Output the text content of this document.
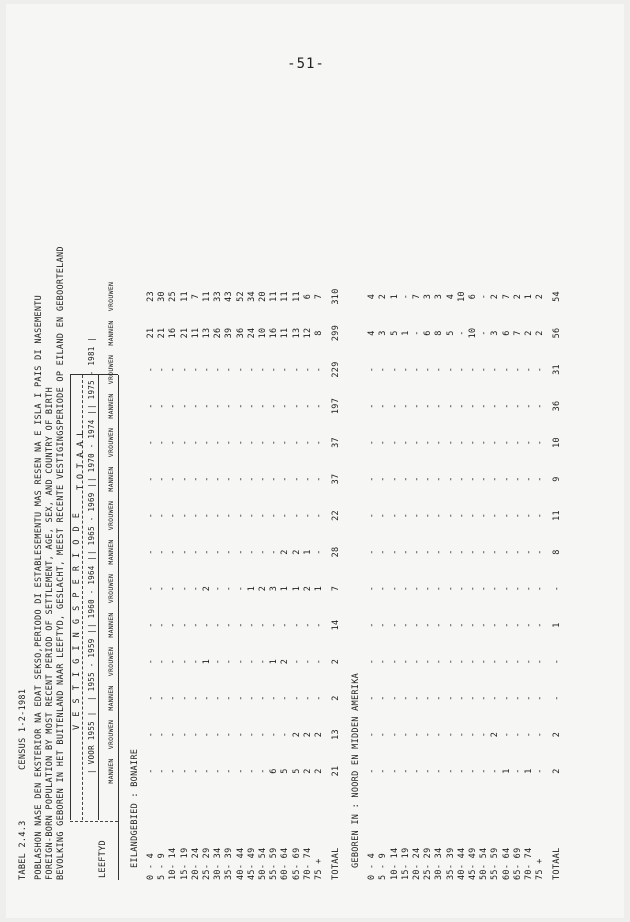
-51-
TABEL 2.4.3
CENSUS 1-2-1981 POBLASHON NASE DEN EKSTERIOR NA EDAT SEKSO,PERIODO DI ESTABLESEMENTU MAS RESEN NA E ISLA I PAIS DI NASEMENTU FOREIGN-BORN POPULATION BY MOST RECENT PERIOD OF SETTLEMENT, AGE, SEX, AND COUNTRY OF BIRTH BEVOLKING GEBOREN IN HET BUITENLAND NAAR LEEFTYD, GESLACHT, MEEST RECENTE VESTIGINGSPERIODE OP EILAND EN GEBOORTELAND	LEEFTYD
V E S T I G I N G S P E R I O D E
T O T A A L
| VOOR 1955 |
| 1955 - 1959 |
| 1960 - 1964 |
| 1965 - 1969 |
| 1970 - 1974 |
| 1975 - 1981 |
MANNEN
VROUWEN
MANNEN
VROUWEN
MANNEN
VROUWEN
MANNEN
VROUWEN
MANNEN
VROUWEN
MANNEN
VROUWEN
MANNEN
VROUWEN
EILANDGEBIED : BONAIRE 0 - 4
-
-
-
-
-
-
-
-
-
-
-
-
21
23
5 - 9
-
-
-
-
-
-
-
-
-
-
-
-
21
30
10- 14
-
-
-
-
-
-
-
-
-
-
-
-
16
25
15- 19
-
-
-
-
-
-
-
-
-
-
-
-
21
11
20- 24
-
-
-
-
-
-
-
-
-
-
-
-
11
7
25- 29
-
-
-
1
-
2
-
-
-
-
-
-
13
11
30- 34
-
-
-
-
-
-
-
-
-
-
-
-
26
33
35- 39
-
-
-
-
-
-
-
-
-
-
-
-
39
43
40- 44
-
-
-
-
-
-
-
-
-
-
-
-
36
52
45- 49
-
-
-
-
-
1
-
-
-
-
-
-
24
34
50- 54
-
-
-
-
-
2
-
-
-
-
-
-
10
20
55- 59
6
-
-
1
-
3
-
-
-
-
-
-
16
11
60- 64
5
-
-
2
-
1
2
-
-
-
-
-
11
11
65- 69
5
2
-
-
-
1
2
-
-
-
-
-
13
11
70- 74
2
2
-
-
-
2
1
-
-
-
-
-
12
6
75 +
2
2
-
-
-
1
-
-
-
-
-
-
8
7
TOTAAL
21
13
2
2
14
7
28
22
37
37
197
229
299
310
GEBOREN IN : NOORD EN MIDDEN AMERIKA 0 - 4
-
-
-
-
-
-
-
-
-
-
-
-
4
4
5 - 9
-
-
-
-
-
-
-
-
-
-
-
-
3
2
10- 14
-
-
-
-
-
-
-
-
-
-
-
-
5
1
15- 19
-
-
-
-
-
-
-
-
-
-
-
-
1
-
20- 24
-
-
-
-
-
-
-
-
-
-
-
-
-
7
25- 29
-
-
-
-
-
-
-
-
-
-
-
-
6
3
30- 34
-
-
-
-
-
-
-
-
-
-
-
-
8
3
35- 39
-
-
-
-
-
-
-
-
-
-
-
-
5
4
40- 44
-
-
-
-
-
-
-
-
-
-
-
-
-
10
45- 49
-
-
-
-
-
-
-
-
-
-
-
-
10
6
50- 54
-
-
-
-
-
-
-
-
-
-
-
-
-
-
55- 59
-
2
-
-
-
-
-
-
-
-
-
-
3
2
60- 64
1
-
-
-
-
-
-
-
-
-
-
-
6
7
65- 69
-
-
-
-
-
-
-
-
-
-
-
-
7
2
70- 74
1
-
-
-
-
-
-
-
-
-
-
-
2
1
75 +
-
-
-
-
-
-
-
-
-
-
-
-
2
2
TOTAAL
2
2
-
-
1
-
8
11
9
10
36
31
56
54
